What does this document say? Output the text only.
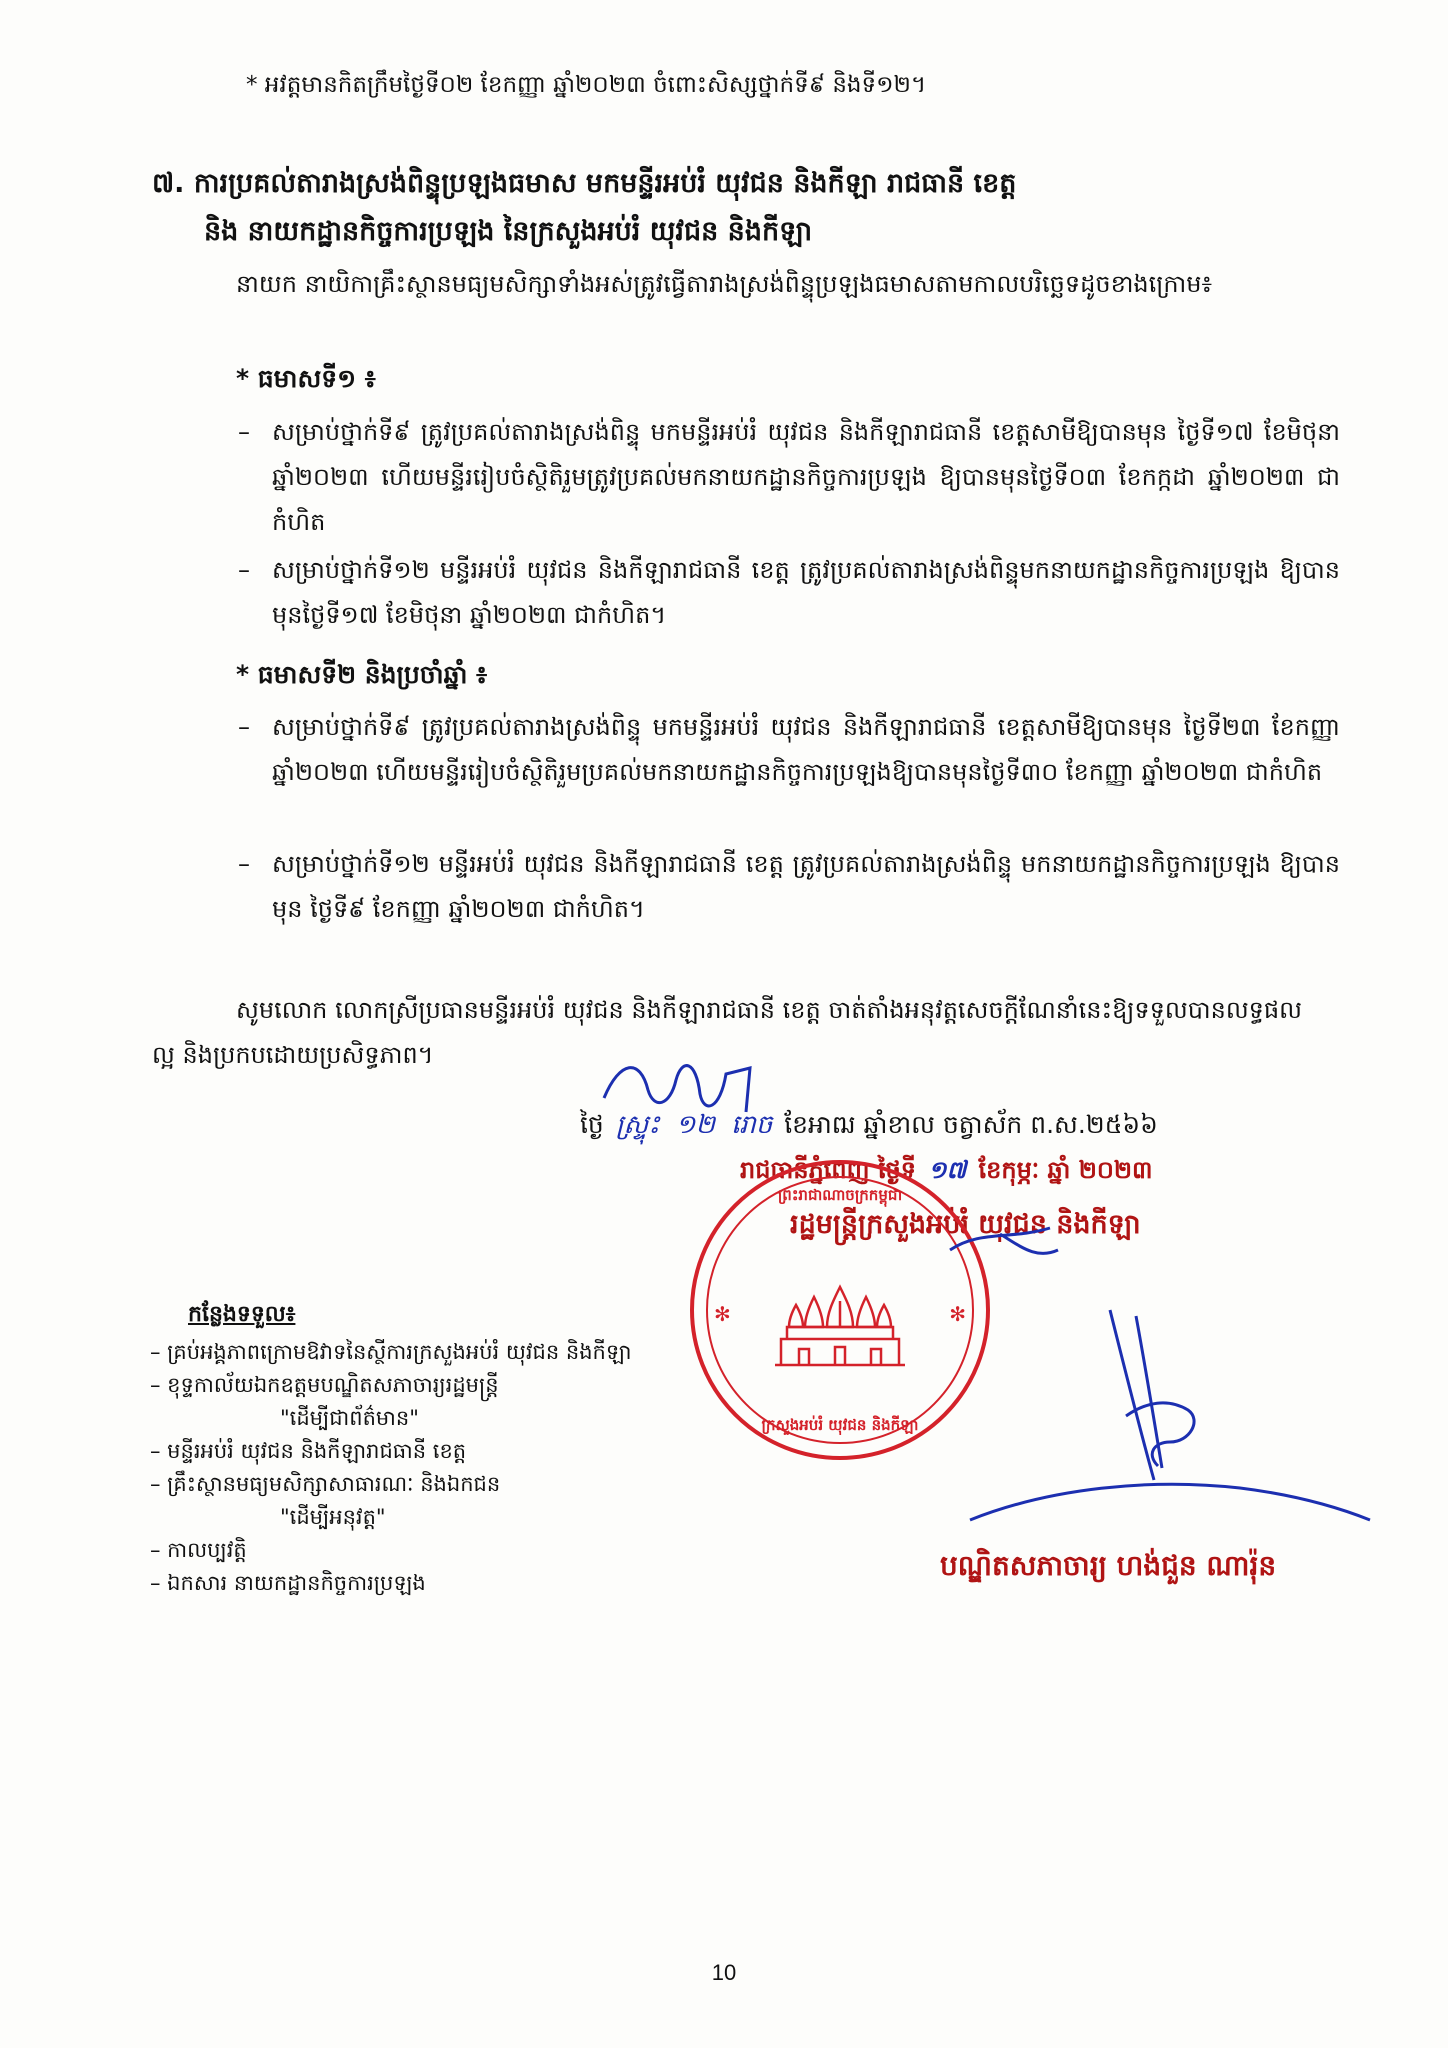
* អវត្តមានកិតក្រឹមថ្ងៃទី០២ ខែកញ្ញា ឆ្នាំ២០២៣ ចំពោះសិស្សថ្នាក់ទី៩ និងទី១២។
៧. ការប្រគល់តារាងស្រង់ពិន្ទុប្រឡងធមាស មកមន្ទីរអប់រំ យុវជន និងកីឡា រាជធានី ខេត្ត
និង នាយកដ្ឋានកិច្ចការប្រឡង នៃក្រសួងអប់រំ យុវជន និងកីឡា
នាយក នាយិកាគ្រឹះស្ថានមធ្យមសិក្សាទាំងអស់ត្រូវធ្វើតារាងស្រង់ពិន្ទុប្រឡងធមាសតាមកាលបរិច្ឆេទដូចខាងក្រោម៖
* ធមាសទី១ ៖
– សម្រាប់ថ្នាក់ទី៩ ត្រូវប្រគល់តារាងស្រង់ពិន្ទុ មកមន្ទីរអប់រំ យុវជន និងកីឡារាជធានី ខេត្តសាមីឱ្យបានមុន ថ្ងៃទី១៧ ខែមិថុនា ឆ្នាំ២០២៣ ហើយមន្ទីររៀបចំស្ថិតិរួមត្រូវប្រគល់មកនាយកដ្ឋានកិច្ចការប្រឡង ឱ្យបានមុនថ្ងៃទី០៣ ខែកក្កដា ឆ្នាំ២០២៣ ជាកំហិត
– សម្រាប់ថ្នាក់ទី១២ មន្ទីរអប់រំ យុវជន និងកីឡារាជធានី ខេត្ត ត្រូវប្រគល់តារាងស្រង់ពិន្ទុមកនាយកដ្ឋានកិច្ចការប្រឡង ឱ្យបានមុនថ្ងៃទី១៧ ខែមិថុនា ឆ្នាំ២០២៣ ជាកំហិត។
* ធមាសទី២ និងប្រចាំឆ្នាំ ៖
– សម្រាប់ថ្នាក់ទី៩ ត្រូវប្រគល់តារាងស្រង់ពិន្ទុ មកមន្ទីរអប់រំ យុវជន និងកីឡារាជធានី ខេត្តសាមីឱ្យបានមុន ថ្ងៃទី២៣ ខែកញ្ញា ឆ្នាំ២០២៣ ហើយមន្ទីររៀបចំស្ថិតិរួមប្រគល់មកនាយកដ្ឋានកិច្ចការប្រឡងឱ្យបានមុនថ្ងៃទី៣០ ខែកញ្ញា ឆ្នាំ២០២៣ ជាកំហិត
– សម្រាប់ថ្នាក់ទី១២ មន្ទីរអប់រំ យុវជន និងកីឡារាជធានី ខេត្ត ត្រូវប្រគល់តារាងស្រង់ពិន្ទុ មកនាយកដ្ឋានកិច្ចការប្រឡង ឱ្យបានមុន ថ្ងៃទី៩ ខែកញ្ញា ឆ្នាំ២០២៣ ជាកំហិត។
សូមលោក លោកស្រីប្រធានមន្ទីរអប់រំ យុវជន និងកីឡារាជធានី ខេត្ត ចាត់តាំងអនុវត្តសេចក្តីណែនាំនេះឱ្យទទួលបានលទ្ធផលល្អ និងប្រកបដោយប្រសិទ្ធភាព។
ថ្ងៃ ស្ទ្រុះ ១២ រោច ខែអាឍ ឆ្នាំខាល ចត្វាស័ក ព.ស.២៥៦៦
រាជធានីភ្នំពេញ ថ្ងៃទី ១៧ ខែកុម្ភៈ ឆ្នាំ ២០២៣
រដ្ឋមន្ត្រីក្រសួងអប់រំ យុវជន និងកីឡា
ព្រះរាជាណាចក្រកម្ពុជា
ក្រសួងអប់រំ យុវជន និងកីឡា
✻	✻
បណ្ឌិតសភាចារ្យ ហង់ជួន ណារ៉ុន
កន្លែងទទួល៖
– គ្រប់អង្គភាពក្រោមឱវាទនៃស្ថីការក្រសួងអប់រំ យុវជន និងកីឡា
– ខុទ្ទកាល័យឯកឧត្តមបណ្ឌិតសភាចារ្យរដ្ឋមន្ត្រី
"ដើម្បីជាព័ត៌មាន"
– មន្ទីរអប់រំ យុវជន និងកីឡារាជធានី ខេត្ត
– គ្រឹះស្ថានមធ្យមសិក្សាសាធារណៈ និងឯកជន
"ដើម្បីអនុវត្ត"
– កាលប្បវត្តិ
– ឯកសារ នាយកដ្ឋានកិច្ចការប្រឡង
10
